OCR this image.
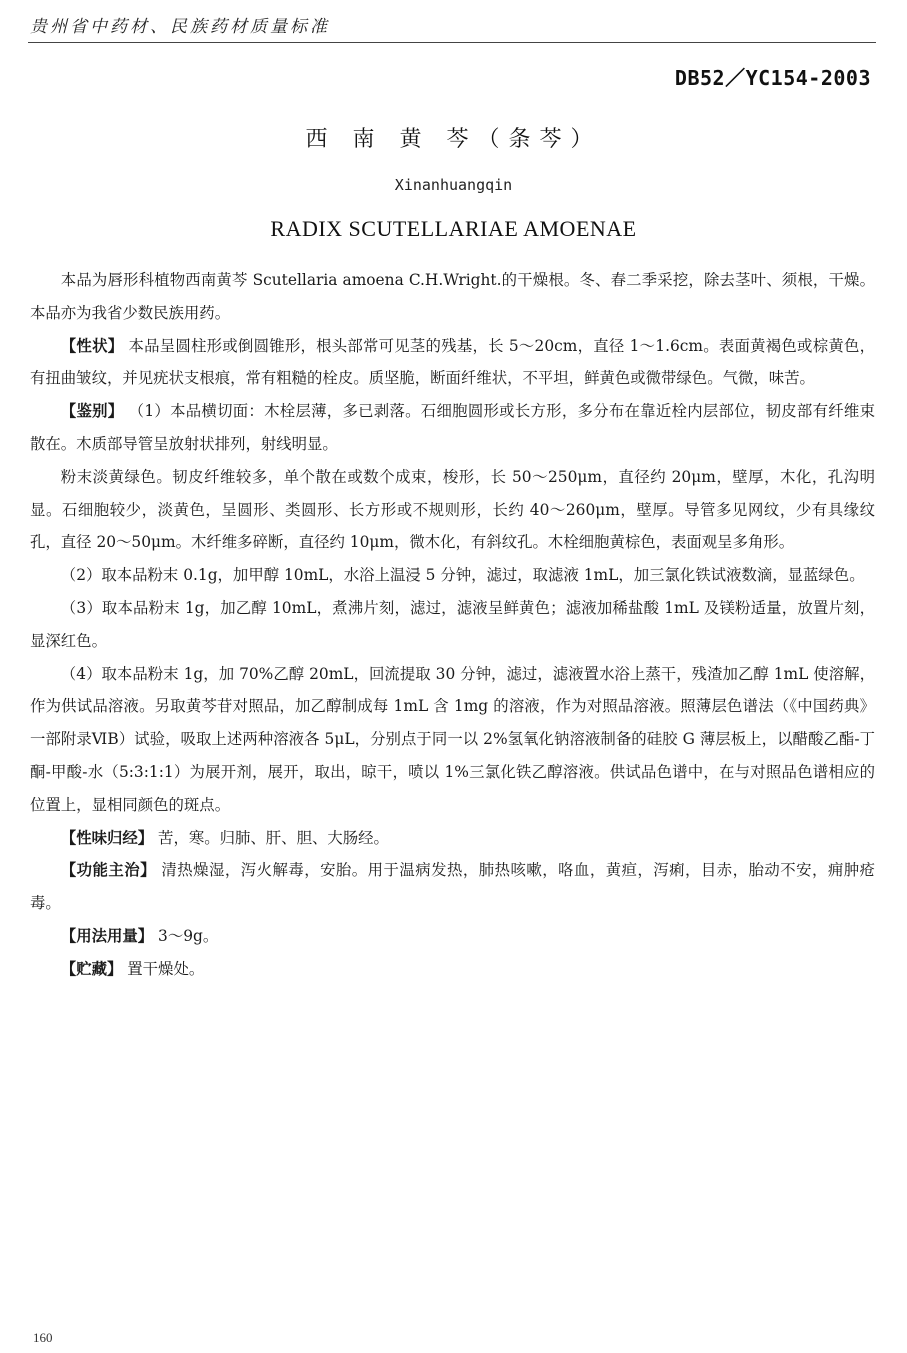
贵州省中药材、民族药材质量标准
DB52／YC154-2003
西 南 黄 芩（条芩）
Xinanhuangqin
RADIX SCUTELLARIAE AMOENAE

本品为唇形科植物西南黄芩 Scutellaria amoena C.H.Wright.的干燥根。冬、春二季采挖，除去茎叶、须根，干燥。本品亦为我省少数民族用药。

【性状】 本品呈圆柱形或倒圆锥形，根头部常可见茎的残基，长 5～20cm，直径 1～1.6cm。表面黄褐色或棕黄色，有扭曲皱纹，并见疣状支根痕，常有粗糙的栓皮。质坚脆，断面纤维状，不平坦，鲜黄色或微带绿色。气微，味苦。

【鉴别】 （1）本品横切面：木栓层薄，多已剥落。石细胞圆形或长方形，多分布在靠近栓内层部位，韧皮部有纤维束散在。木质部导管呈放射状排列，射线明显。

粉末淡黄绿色。韧皮纤维较多，单个散在或数个成束，梭形，长 50～250μm，直径约 20μm，壁厚，木化，孔沟明显。石细胞较少，淡黄色，呈圆形、类圆形、长方形或不规则形，长约 40～260μm，壁厚。导管多见网纹，少有具缘纹孔，直径 20～50μm。木纤维多碎断，直径约 10μm，微木化，有斜纹孔。木栓细胞黄棕色，表面观呈多角形。

（2）取本品粉末 0.1g，加甲醇 10mL，水浴上温浸 5 分钟，滤过，取滤液 1mL，加三氯化铁试液数滴，显蓝绿色。

（3）取本品粉末 1g，加乙醇 10mL，煮沸片刻，滤过，滤液呈鲜黄色；滤液加稀盐酸 1mL 及镁粉适量，放置片刻，显深红色。

（4）取本品粉末 1g，加 70%乙醇 20mL，回流提取 30 分钟，滤过，滤液置水浴上蒸干，残渣加乙醇 1mL 使溶解，作为供试品溶液。另取黄芩苷对照品，加乙醇制成每 1mL 含 1mg 的溶液，作为对照品溶液。照薄层色谱法（《中国药典》一部附录ⅥB）试验，吸取上述两种溶液各 5μL，分别点于同一以 2%氢氧化钠溶液制备的硅胶 G 薄层板上，以醋酸乙酯-丁酮-甲酸-水（5:3:1:1）为展开剂，展开，取出，晾干，喷以 1%三氯化铁乙醇溶液。供试品色谱中，在与对照品色谱相应的位置上，显相同颜色的斑点。

【性味归经】 苦，寒。归肺、肝、胆、大肠经。

【功能主治】 清热燥湿，泻火解毒，安胎。用于温病发热，肺热咳嗽，咯血，黄疸，泻痢，目赤，胎动不安，痈肿疮毒。

【用法用量】 3～9g。

【贮藏】 置干燥处。

160
